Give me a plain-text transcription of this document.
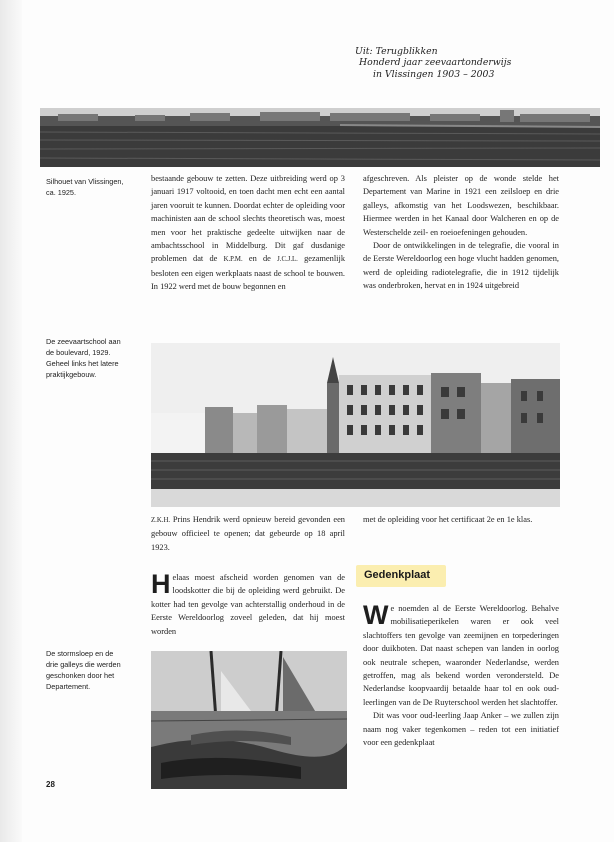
Uit: Terugblikken
Honderd jaar zeevaartonderwijs
in Vlissingen 1903 – 2003
Silhouet van Vlissingen,
ca. 1925.
De zeevaartschool aan
de boulevard, 1929.
Geheel links het latere
praktijkgebouw.
De stormsloep en de
drie galleys die werden
geschonken door het
Departement.

bestaande gebouw te zetten. Deze uitbreiding werd op 3 januari 1917 voltooid, en toen dacht men echt een aantal jaren vooruit te kunnen. Doordat echter de opleiding voor machinisten aan de school slechts theoretisch was, moest men voor het praktische gedeelte uitwijken naar de ambachtsschool in Middelburg. Dit gaf dusdanige problemen dat de K.P.M. en de J.C.J.L. gezamenlijk besloten een eigen werkplaats naast de school te bouwen. In 1922 werd met de bouw begonnen en

afgeschreven. Als pleister op de wonde stelde het Departement van Marine in 1921 een zeilsloep en drie galleys, afkomstig van het Loodswezen, beschikbaar. Hiermee werden in het Kanaal door Walcheren en op de Westerschelde zeil- en roeioefeningen gehouden.

Door de ontwikkelingen in de telegrafie, die vooral in de Eerste Wereldoorlog een hoge vlucht hadden genomen, werd de opleiding radiotelegrafie, die in 1912 tijdelijk was onderbroken, hervat en in 1924 uitgebreid

Z.K.H. Prins Hendrik werd opnieuw bereid gevonden een gebouw officieel te openen; dat gebeurde op 18 april 1923.

met de opleiding voor het certificaat 2e en 1e klas.

Helaas moest afscheid worden genomen van de loodskotter die bij de opleiding werd gebruikt. De kotter had ten gevolge van achterstallig onderhoud in de Eerste Wereldoorlog zoveel geleden, dat hij moest worden

Gedenkplaat

We noemden al de Eerste Wereldoorlog. Behalve mobilisatieperikelen waren er ook veel slachtoffers ten gevolge van zeemijnen en torpederingen door duikboten. Dat naast schepen van landen in oorlog ook neutrale schepen, waaronder Nederlandse, werden getroffen, mag als bekend worden verondersteld. De Nederlandse koopvaardij betaalde haar tol en ook oud-leerlingen van de De Ruyterschool werden het slachtoffer.

Dit was voor oud-leerling Jaap Anker – we zullen zijn naam nog vaker tegenkomen – reden tot een initiatief voor een gedenkplaat

28
